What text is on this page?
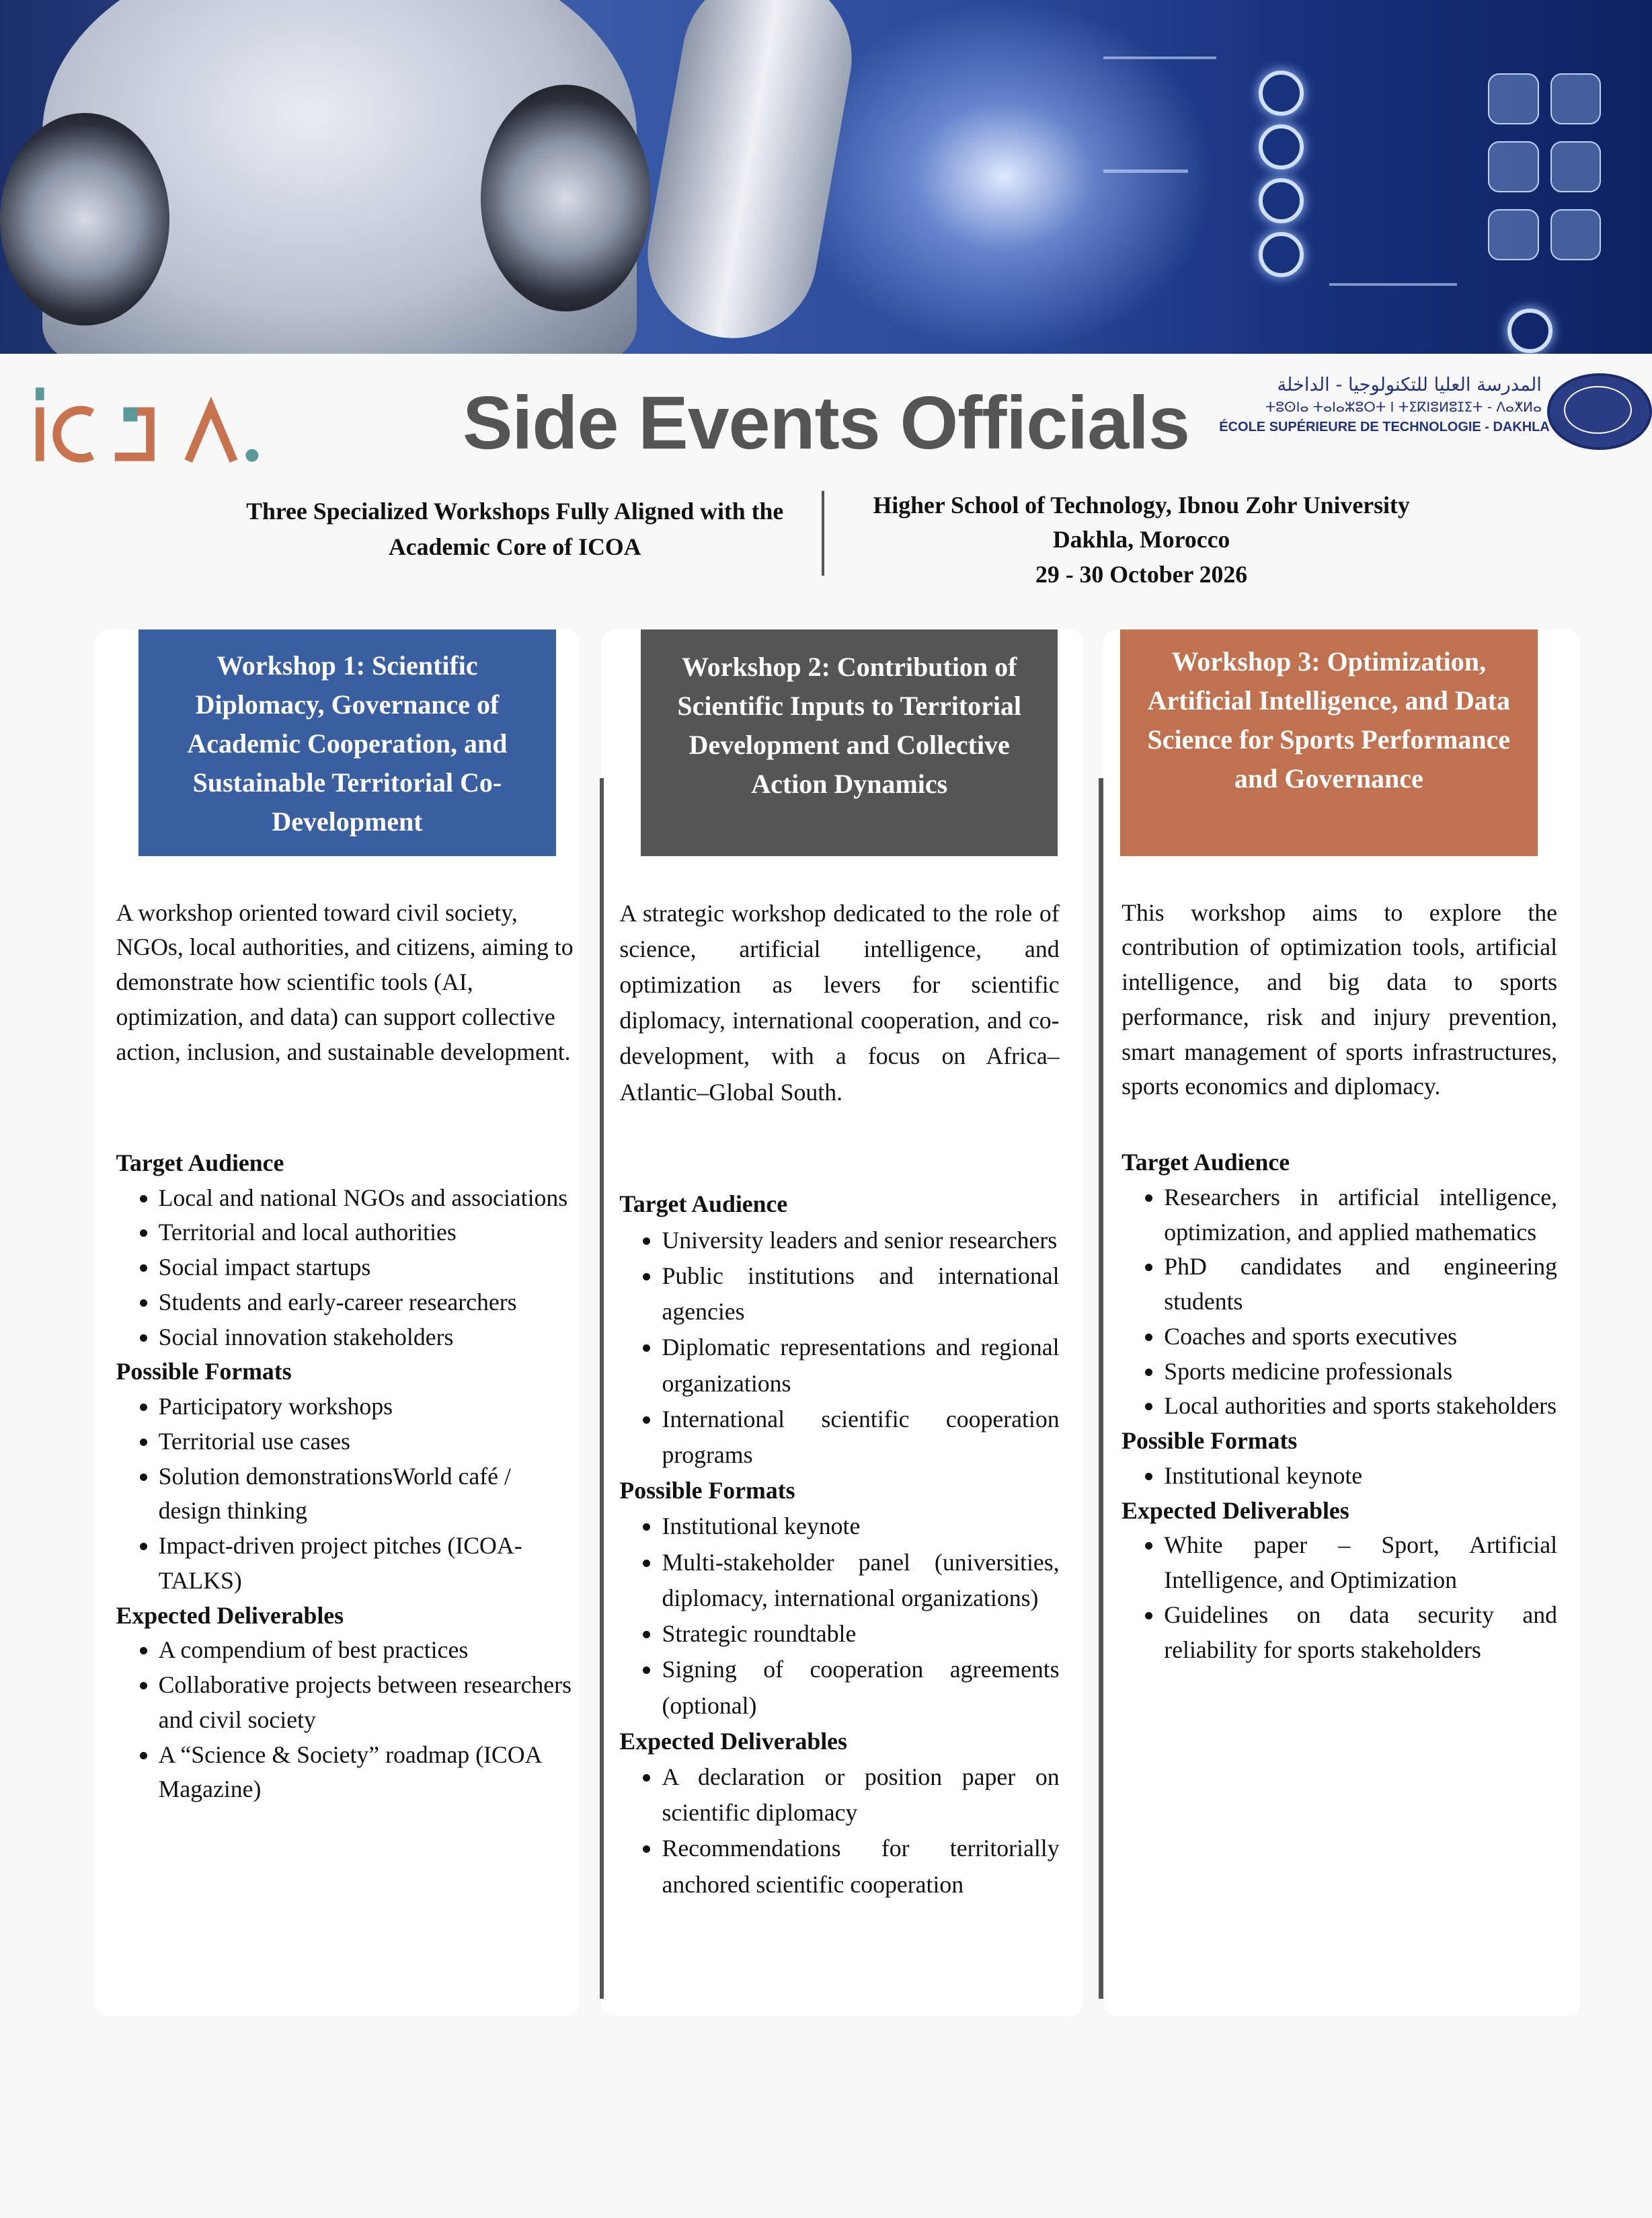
Side Events Officials	المدرسة العليا للتكنولوجيا - الداخلة
ⵜⵓⵙⵏⴰ ⵜⴰⵏⴰⵣⵓⵔⵜ ⵏ ⵜⵉⴽⵏⵓⵍⵓⵊⵉⵜ - ⴷⴰⵅⵍⴰ
ÉCOLE SUPÉRIEURE DE TECHNOLOGIE - DAKHLA
Three Specialized Workshops Fully Aligned with the
Academic Core of ICOA
Higher School of Technology, Ibnou Zohr University
Dakhla, Morocco
29 - 30 October 2026
Workshop 1: Scientific Diplomacy, Governance of Academic Cooperation, and Sustainable Territorial Co-Development
Workshop 2: Contribution of Scientific Inputs to Territorial Development and Collective Action Dynamics
Workshop 3: Optimization, Artificial Intelligence, and Data Science for Sports Performance and Governance

A workshop oriented toward civil society, NGOs, local authorities, and citizens, aiming to demonstrate how scientific tools (AI, optimization, and data) can support collective action, inclusion, and sustainable development.

Target Audience

• Local and national NGOs and associations
• Territorial and local authorities
• Social impact startups
• Students and early-career researchers
• Social innovation stakeholders

Possible Formats

• Participatory workshops
• Territorial use cases
• Solution demonstrationsWorld café / design thinking
• Impact-driven project pitches (ICOA-TALKS)

Expected Deliverables

• A compendium of best practices
• Collaborative projects between researchers and civil society
• A “Science & Society” roadmap (ICOA Magazine)

A strategic workshop dedicated to the role of science, artificial intelligence, and optimization as levers for scientific diplomacy, international cooperation, and co-development, with a focus on Africa–Atlantic–Global South.

Target Audience

• University leaders and senior researchers
• Public institutions and international agencies
• Diplomatic representations and regional organizations
• International scientific cooperation programs

Possible Formats

• Institutional keynote
• Multi-stakeholder panel (universities, diplomacy, international organizations)
• Strategic roundtable
• Signing of cooperation agreements (optional)

Expected Deliverables

• A declaration or position paper on scientific diplomacy
• Recommendations for territorially anchored scientific cooperation

This workshop aims to explore the contribution of optimization tools, artificial intelligence, and big data to sports performance, risk and injury prevention, smart management of sports infrastructures, sports economics and diplomacy.

Target Audience

• Researchers in artificial intelligence, optimization, and applied mathematics
• PhD candidates and engineering students
• Coaches and sports executives
• Sports medicine professionals
• Local authorities and sports stakeholders

Possible Formats

• Institutional keynote

Expected Deliverables

• White paper – Sport, Artificial Intelligence, and Optimization
• Guidelines on data security and reliability for sports stakeholders
